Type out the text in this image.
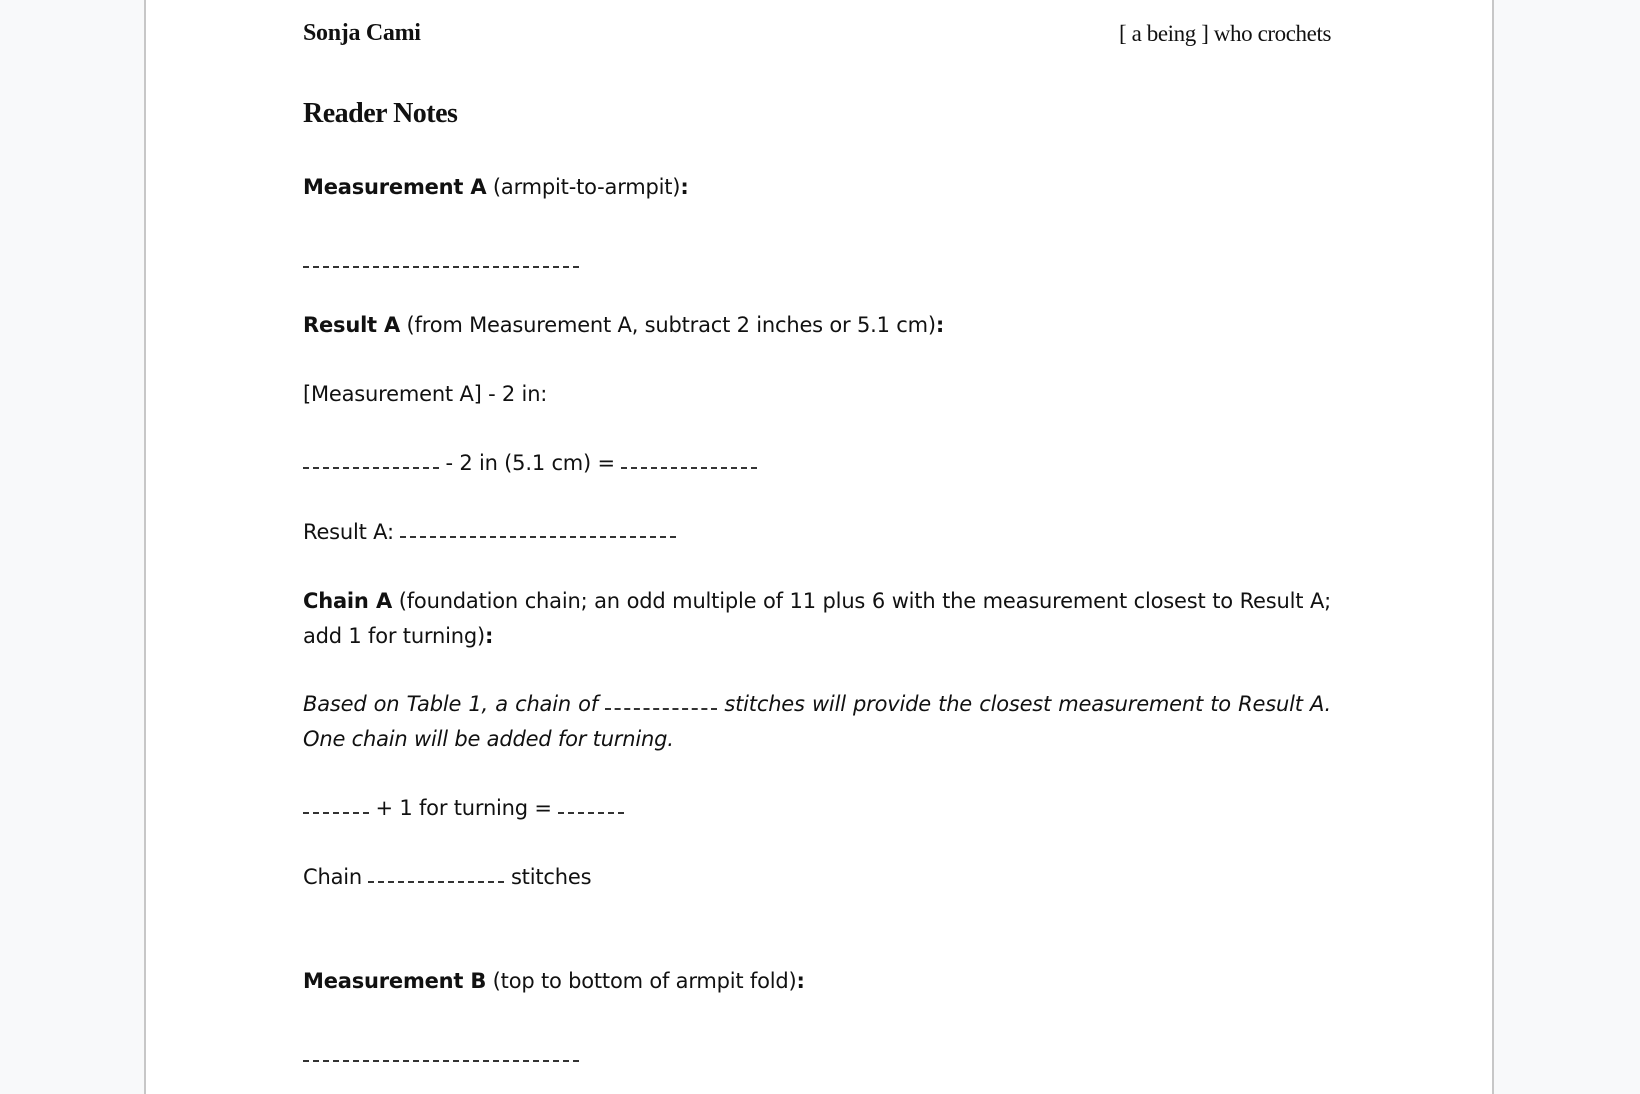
Sonja Cami	[ a being ] who crochets
Reader Notes
Measurement A (armpit-to-armpit):
Result A (from Measurement A, subtract 2 inches or 5.1 cm):
[Measurement A] - 2 in:
- 2 in (5.1 cm) =
Result A:
Chain A (foundation chain; an odd multiple of 11 plus 6 with the measurement closest to Result A; add 1 for turning):
Based on Table 1, a chain of	stitches will provide the closest measurement to Result A. One chain will be added for turning.
+ 1 for turning =
Chain	stitches
Measurement B (top to bottom of armpit fold):
